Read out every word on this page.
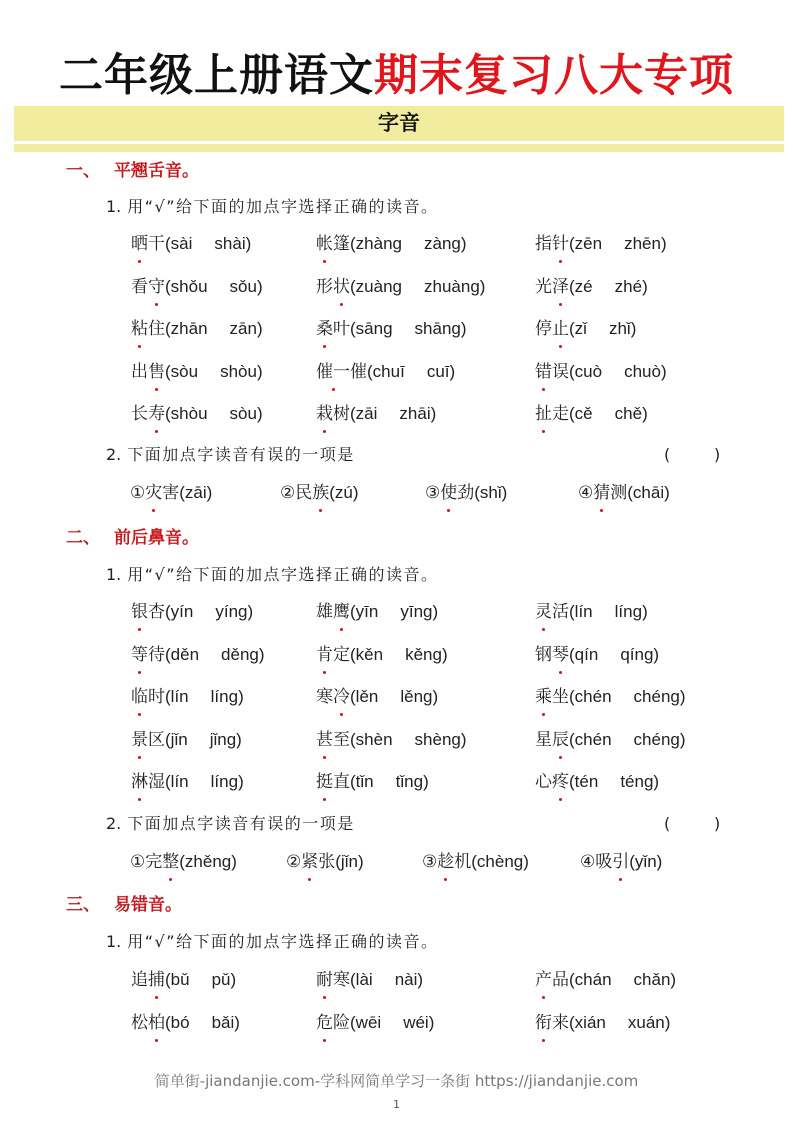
二年级上册语文期末复习八大专项
字音
一、 平翘舌音。
1. 用“√”给下面的加点字选择正确的读音。
晒干(sài shài)	帐篷(zhàng zàng)	指针(zēn zhēn)
看守(shǒu sǒu)	形状(zuàng zhuàng)	光泽(zé zhé)
粘住(zhān zān)	桑叶(sāng shāng)	停止(zǐ zhǐ)
出售(sòu shòu)	催一催(chuī cuī)	错误(cuò chuò)
长寿(shòu sòu)	栽树(zāi zhāi)	扯走(cě chě)
2. 下面加点字读音有误的一项是	(	)
①灾害(zāi)	②民族(zú)	③使劲(shǐ)	④猜测(chāi)
二、 前后鼻音。
1. 用“√”给下面的加点字选择正确的读音。
银杏(yín yíng)	雄鹰(yīn yīng)	灵活(lín líng)
等待(děn děng)	肯定(kěn kěng)	钢琴(qín qíng)
临时(lín líng)	寒冷(lěn lěng)	乘坐(chén chéng)
景区(jǐn jǐng)	甚至(shèn shèng)	星辰(chén chéng)
淋湿(lín líng)	挺直(tǐn tǐng)	心疼(tén téng)
2. 下面加点字读音有误的一项是	(	)
①完整(zhěng)	②紧张(jǐn)	③趁机(chèng)	④吸引(yǐn)
三、 易错音。
1. 用“√”给下面的加点字选择正确的读音。
追捕(bǔ pǔ)	耐寒(lài nài)	产品(chán chǎn)
松柏(bó bǎi)	危险(wēi wéi)	衔来(xián xuán)
简单街-jiandanjie.com-学科网简单学习一条街 https://jiandanjie.com
1
